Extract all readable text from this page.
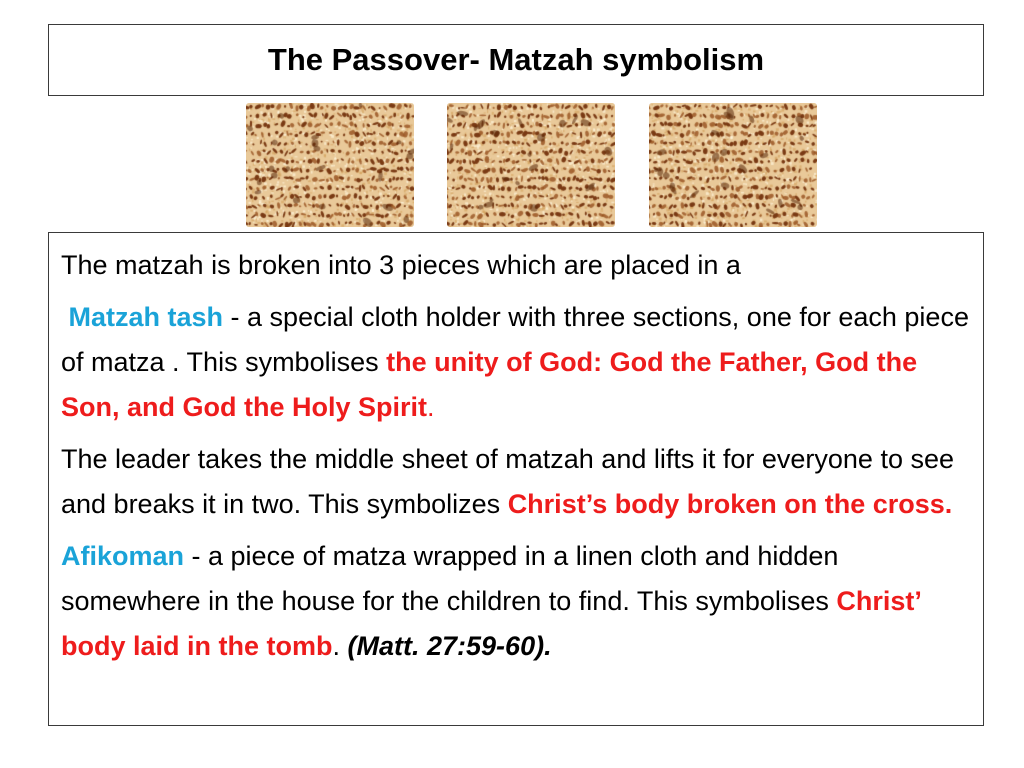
The Passover- Matzah symbolism

The matzah is broken into 3 pieces which are placed in a

Matzah tash - a special cloth holder with three sections, one for each piece of matza . This symbolises the unity of God: God the Father, God the Son, and God the Holy Spirit.

The leader takes the middle sheet of matzah and lifts it for everyone to see and breaks it in two. This symbolizes Christ’s body broken on the cross.

Afikoman - a piece of matza wrapped in a linen cloth and hidden somewhere in the house for the children to find. This symbolises Christ’ body laid in the tomb. (Matt. 27:59-60).
